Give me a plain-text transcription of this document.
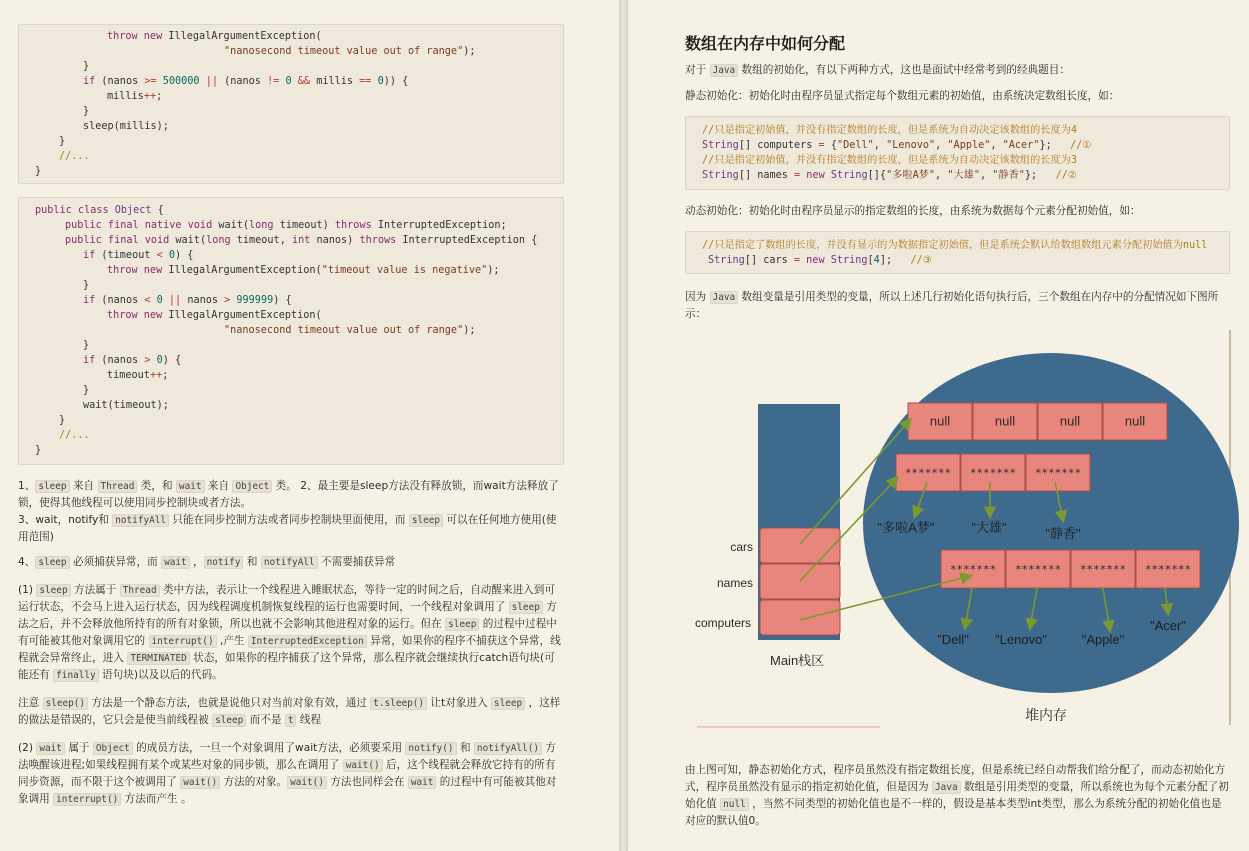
throw new IllegalArgumentException(
"nanosecond timeout value out of range");
}
if (nanos >= 500000 || (nanos != 0 && millis == 0)) {
millis++;
}
sleep(millis);
}
//...
}
public class Object {
public final native void wait(long timeout) throws InterruptedException;
public final void wait(long timeout, int nanos) throws InterruptedException {
if (timeout < 0) {
throw new IllegalArgumentException("timeout value is negative");
}
if (nanos < 0 || nanos > 999999) {
throw new IllegalArgumentException(
"nanosecond timeout value out of range");
}
if (nanos > 0) {
timeout++;
}
wait(timeout);
}
//...
}
1、 sleep 来自 Thread 类，和 wait 来自 Object 类。 2、最主要是sleep方法没有释放锁，而wait方法释放了锁，使得其他线程可以使用同步控制块或者方法。
3、wait，notify和 notifyAll 只能在同步控制方法或者同步控制块里面使用，而 sleep 可以在任何地方使用(使用范围)
4、 sleep 必须捕获异常，而 wait ， notify 和 notifyAll 不需要捕获异常
(1) sleep 方法属于 Thread 类中方法，表示让一个线程进入睡眠状态，等待一定的时间之后，自动醒来进入到可运行状态，不会马上进入运行状态，因为线程调度机制恢复线程的运行也需要时间，一个线程对象调用了 sleep 方法之后，并不会释放他所持有的所有对象锁，所以也就不会影响其他进程对象的运行。但在 sleep 的过程中过程中有可能被其他对象调用它的 interrupt() ,产生 InterruptedException 异常，如果你的程序不捕获这个异常，线程就会异常终止，进入 TERMINATED 状态，如果你的程序捕获了这个异常，那么程序就会继续执行catch语句块(可能还有 finally 语句块)以及以后的代码。
注意 sleep() 方法是一个静态方法，也就是说他只对当前对象有效，通过 t.sleep() 让t对象进入 sleep ，这样的做法是错误的，它只会是使当前线程被 sleep 而不是 t 线程
(2) wait 属于 Object 的成员方法，一旦一个对象调用了wait方法，必须要采用 notify() 和 notifyAll() 方法唤醒该进程;如果线程拥有某个或某些对象的同步锁，那么在调用了 wait() 后，这个线程就会释放它持有的所有同步资源，而不限于这个被调用了 wait() 方法的对象。 wait() 方法也同样会在 wait 的过程中有可能被其他对象调用 interrupt() 方法而产生 。
数组在内存中如何分配
对于 Java 数组的初始化，有以下两种方式，这也是面试中经常考到的经典题目：
静态初始化：初始化时由程序员显式指定每个数组元素的初始值，由系统决定数组长度，如：
//只是指定初始值，并没有指定数组的长度，但是系统为自动决定该数组的长度为4
String[] computers = {"Dell", "Lenovo", "Apple", "Acer"};   //①
//只是指定初始值，并没有指定数组的长度，但是系统为自动决定该数组的长度为3
String[] names = new String[]{"多啦A梦", "大雄", "静香"};   //②
动态初始化：初始化时由程序员显示的指定数组的长度，由系统为数据每个元素分配初始值，如：
//只是指定了数组的长度，并没有显示的为数据指定初始值，但是系统会默认给数组数组元素分配初始值为null
String[] cars = new String[4];   //③
因为 Java 数组变量是引用类型的变量，所以上述几行初始化语句执行后，三个数组在内存中的分配情况如下图所示：
cars
names
computers
Main栈区
堆内存
null	null	null	null
******* ******* *******
******* ******* ******* *******
"多啦A梦"	"大雄"	"静香"
"Dell" "Lenovo"	"Apple"
"Acer"
由上图可知，静态初始化方式，程序员虽然没有指定数组长度，但是系统已经自动帮我们给分配了，而动态初始化方式，程序员虽然没有显示的指定初始化值，但是因为 Java 数组是引用类型的变量，所以系统也为每个元素分配了初始化值 null ，当然不同类型的初始化值也是不一样的，假设是基本类型int类型，那么为系统分配的初始化值也是对应的默认值0。
